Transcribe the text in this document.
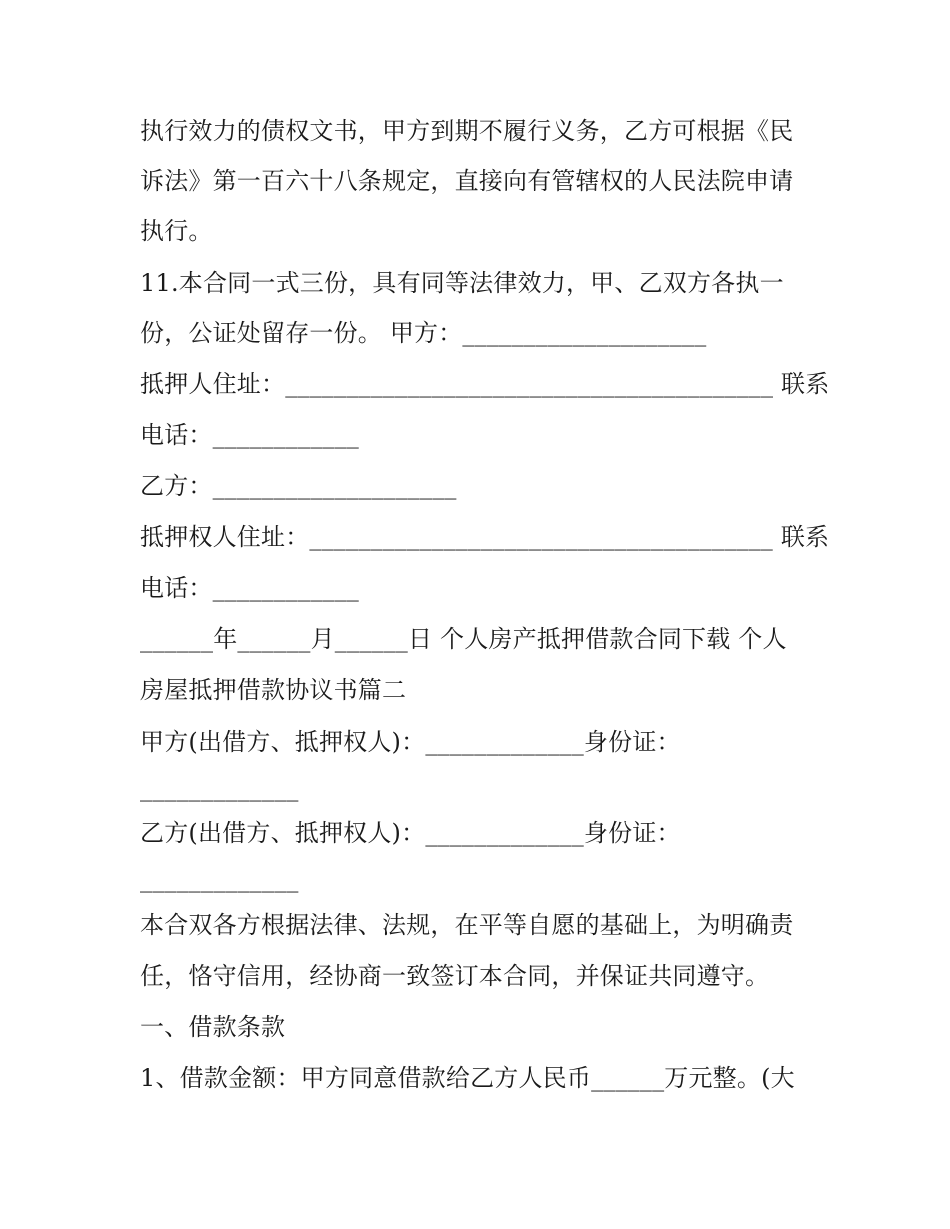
执行效力的债权文书，甲方到期不履行义务，乙方可根据《民
诉法》第一百六十八条规定，直接向有管辖权的人民法院申请
执行。
11.本合同一式三份，具有同等法律效力，甲、乙双方各执一
份，公证处留存一份。 甲方：____________________
抵押人住址：________________________________________ 联系
电话：____________
乙方：____________________
抵押权人住址：______________________________________ 联系
电话：____________
______年______月______日 个人房产抵押借款合同下载 个人
房屋抵押借款协议书篇二
甲方(出借方、抵押权人)：_____________身份证：
_____________
乙方(出借方、抵押权人)：_____________身份证：
_____________
本合双各方根据法律、法规，在平等自愿的基础上，为明确责
任，恪守信用，经协商一致签订本合同，并保证共同遵守。
一、借款条款
1、借款金额：甲方同意借款给乙方人民币______万元整。(大
